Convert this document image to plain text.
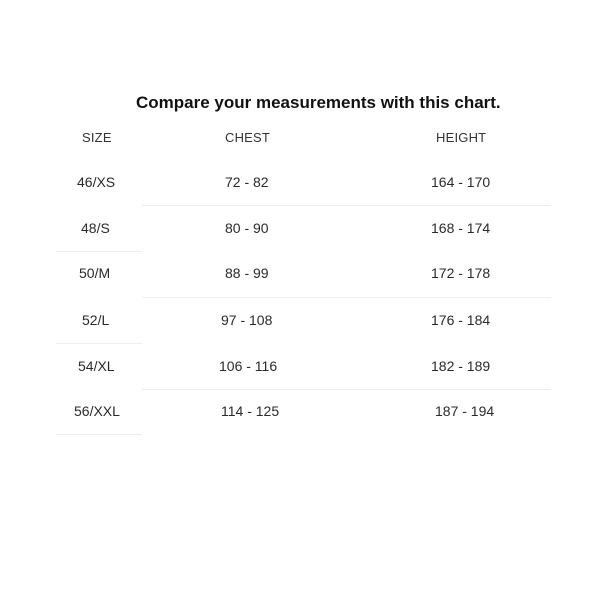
Compare your measurements with this chart.
SIZE	CHEST	HEIGHT
46/XS	72 - 82	164 - 170
48/S	80 - 90	168 - 174
50/M	88 - 99	172 - 178
52/L	97 - 108	176 - 184
54/XL	106 - 116	182 - 189
56/XXL	114 - 125	187 - 194
